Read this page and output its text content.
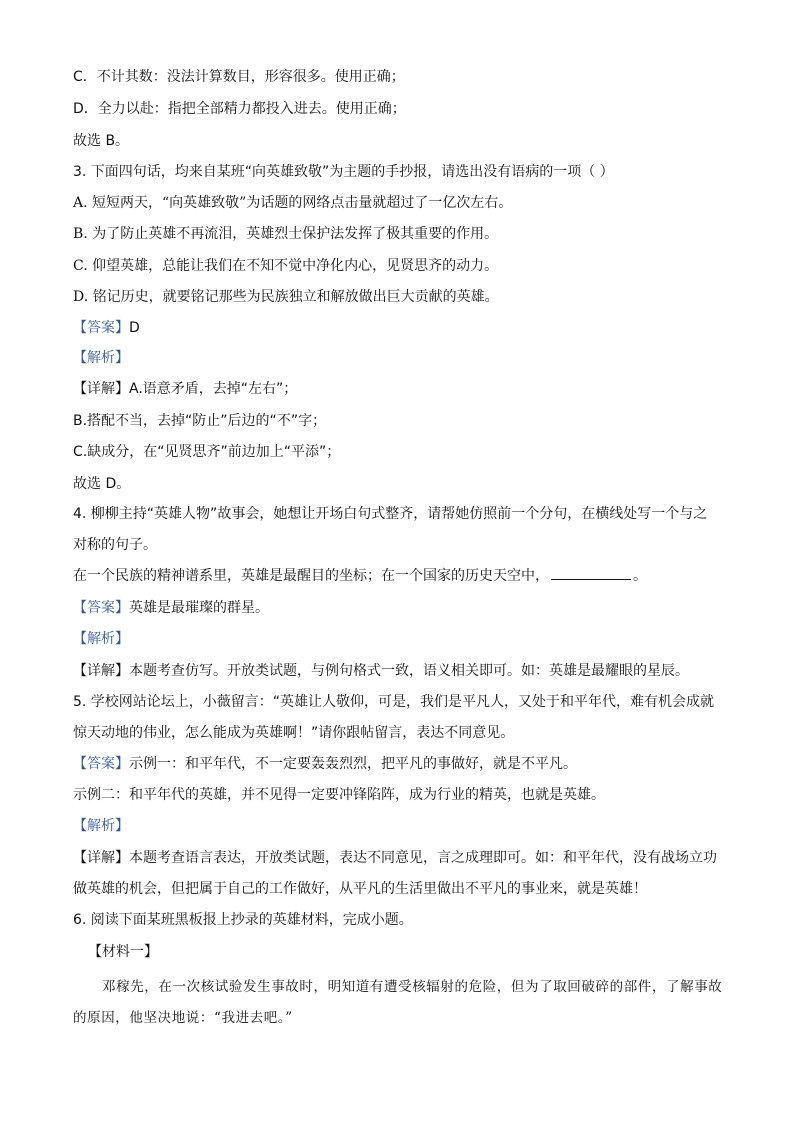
C．不计其数：没法计算数目，形容很多。使用正确；
D．全力以赴：指把全部精力都投入进去。使用正确；
故选 B。
3. 下面四句话，均来自某班“向英雄致敬”为主题的手抄报，请选出没有语病的一项（ ）
A. 短短两天，“向英雄致敬”为话题的网络点击量就超过了一亿次左右。
B. 为了防止英雄不再流泪，英雄烈士保护法发挥了极其重要的作用。
C. 仰望英雄，总能让我们在不知不觉中净化内心，见贤思齐的动力。
D. 铭记历史，就要铭记那些为民族独立和解放做出巨大贡献的英雄。
【答案】D
【解析】
【详解】A.语意矛盾，去掉“左右”；
B.搭配不当，去掉“防止”后边的“不”字；
C.缺成分，在“见贤思齐”前边加上“平添”；
故选 D。
4. 柳柳主持“英雄人物”故事会，她想让开场白句式整齐，请帮她仿照前一个分句，在横线处写一个与之
对称的句子。
在一个民族的精神谱系里，英雄是最醒目的坐标；在一个国家的历史天空中，	。
【答案】英雄是最璀璨的群星。
【解析】
【详解】本题考查仿写。开放类试题，与例句格式一致，语义相关即可。如：英雄是最耀眼的星辰。
5. 学校网站论坛上，小薇留言：“英雄让人敬仰，可是，我们是平凡人，又处于和平年代，难有机会成就
惊天动地的伟业，怎么能成为英雄啊！”请你跟帖留言，表达不同意见。
【答案】示例一：和平年代，不一定要轰轰烈烈，把平凡的事做好，就是不平凡。
示例二：和平年代的英雄，并不见得一定要冲锋陷阵，成为行业的精英，也就是英雄。
【解析】
【详解】本题考查语言表达，开放类试题，表达不同意见，言之成理即可。如：和平年代，没有战场立功
做英雄的机会，但把属于自己的工作做好，从平凡的生活里做出不平凡的事业来，就是英雄！
6. 阅读下面某班黑板报上抄录的英雄材料，完成小题。
【材料一】
邓稼先，在一次核试验发生事故时，明知道有遭受核辐射的危险，但为了取回破碎的部件，了解事故
的原因，他坚决地说：“我进去吧。”
